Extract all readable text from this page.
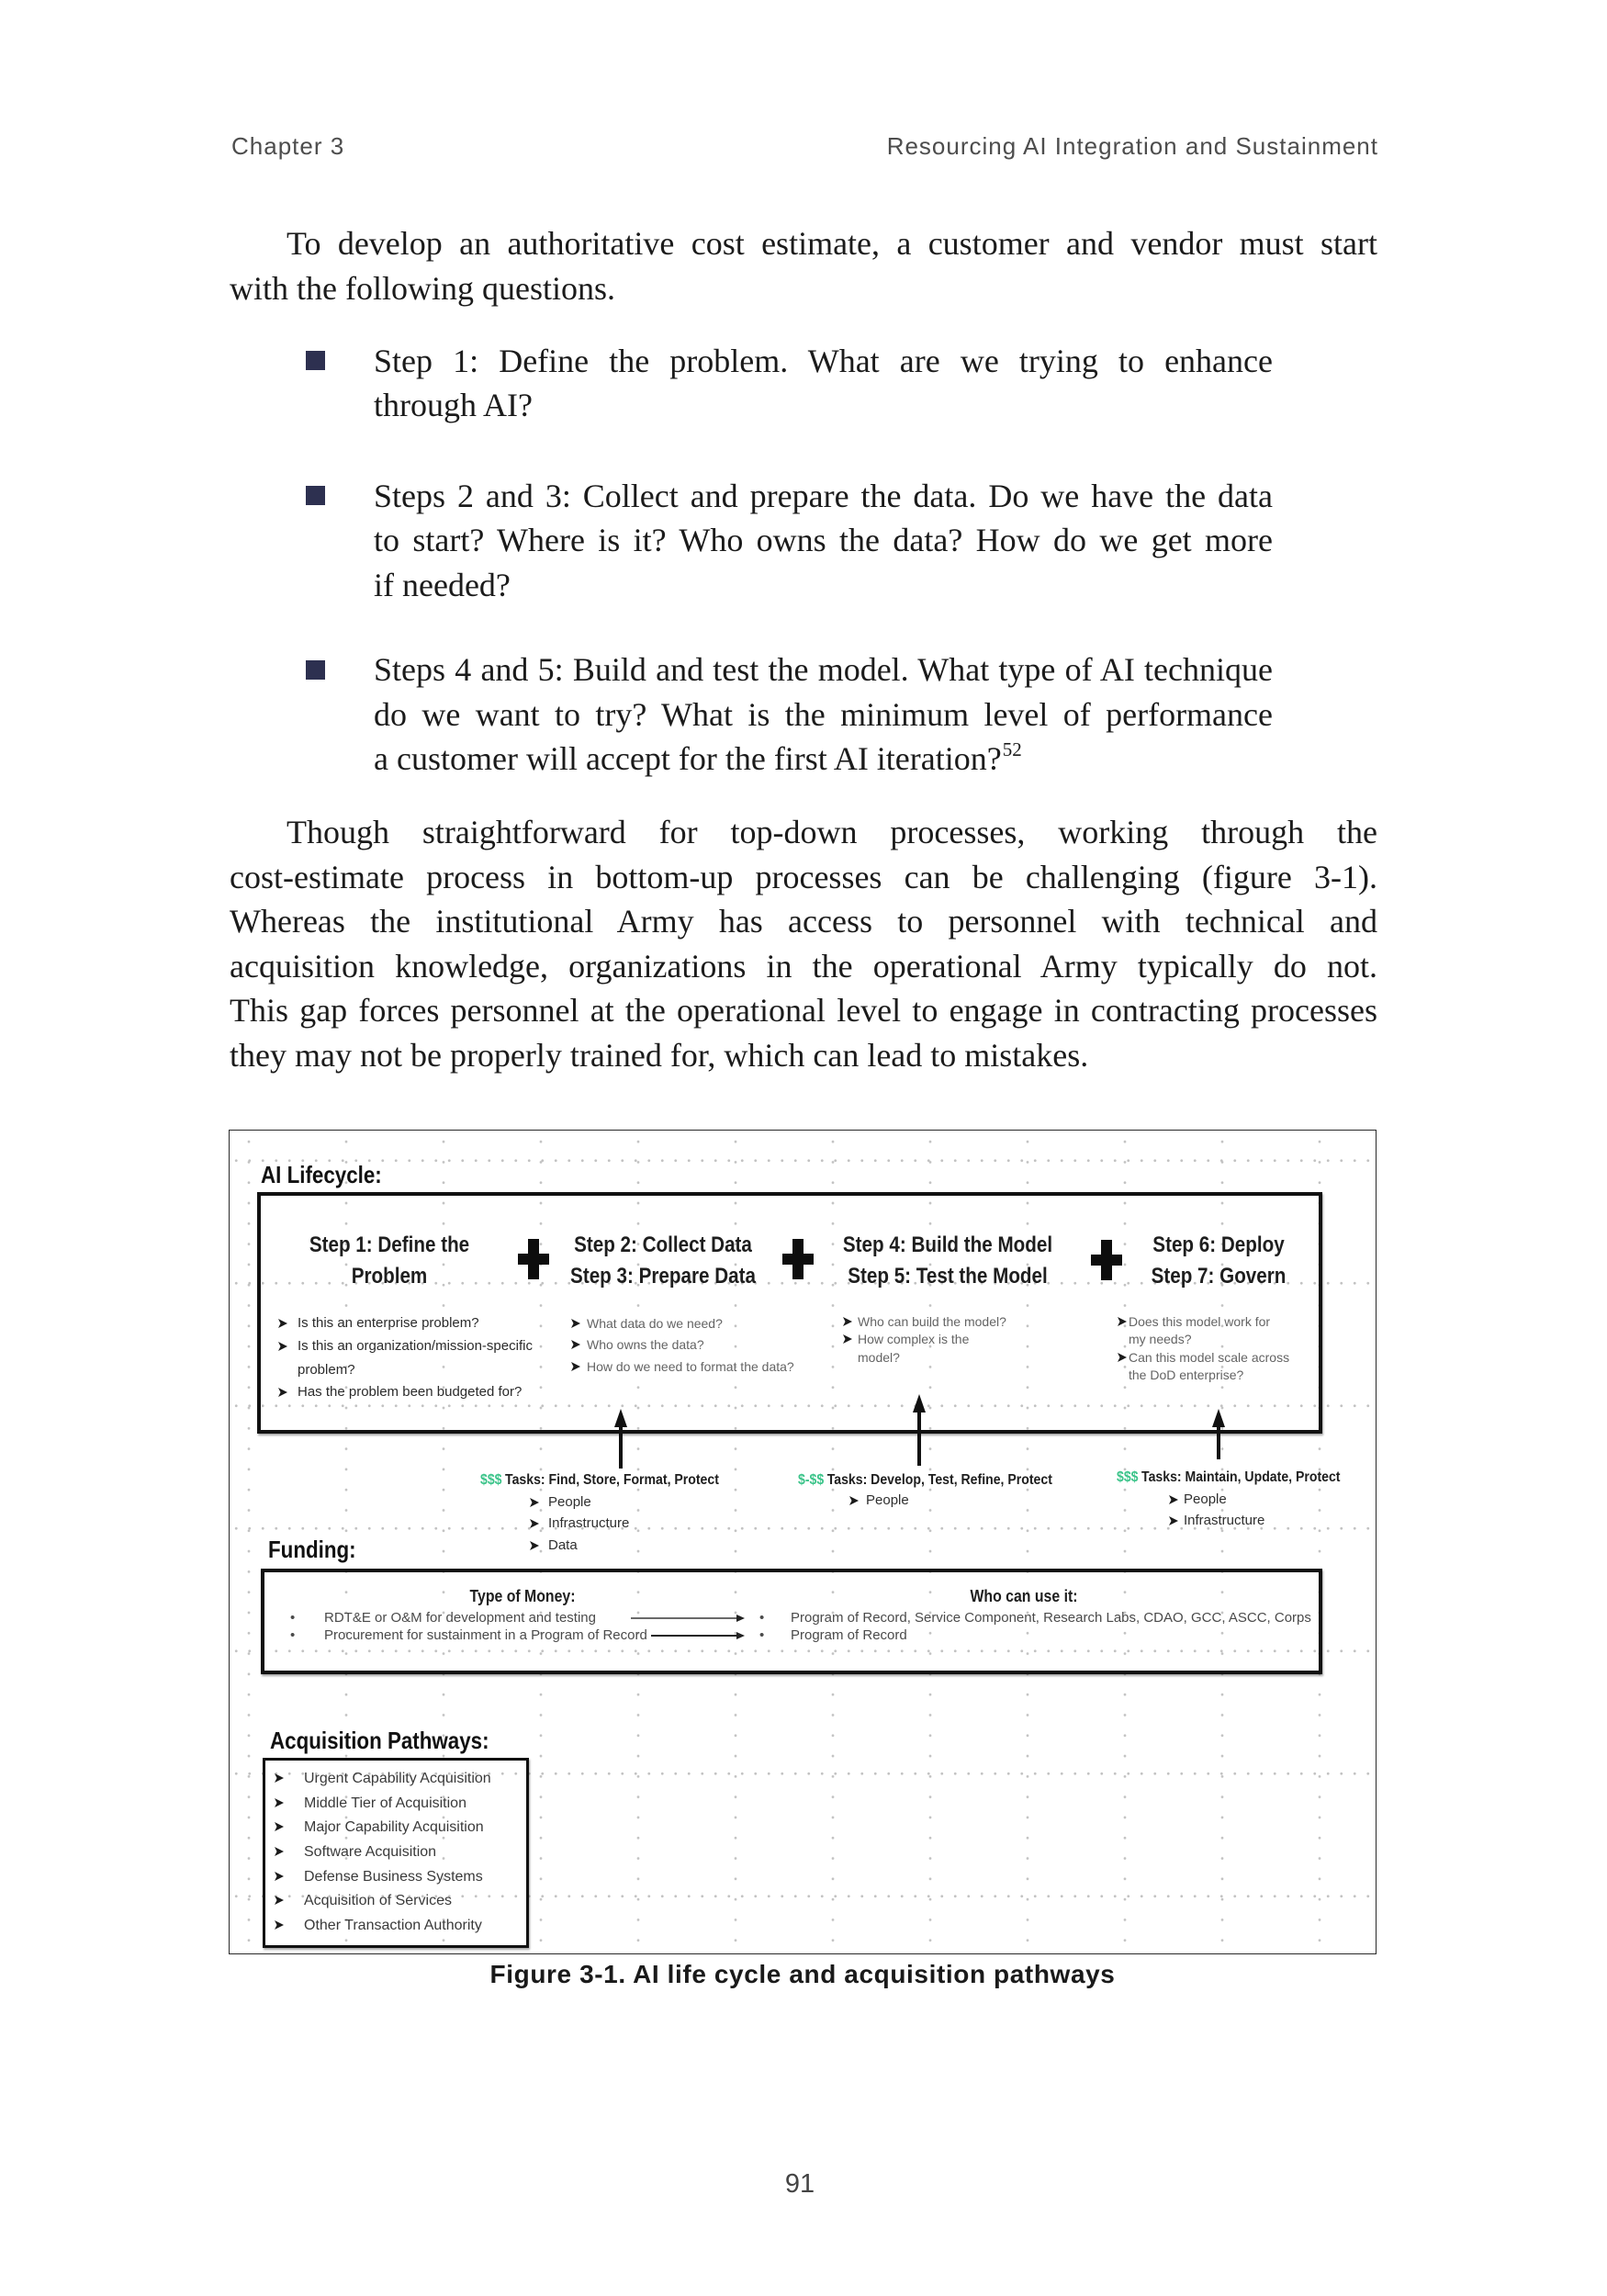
Chapter 3	Resourcing AI Integration and Sustainment
To develop an authoritative cost estimate, a customer and vendor must start
with the following questions.
Step 1: Define the problem. What are we trying to enhance
through AI?
Steps 2 and 3: Collect and prepare the data. Do we have the data
to start? Where is it? Who owns the data? How do we get more
if needed?
Steps 4 and 5: Build and test the model. What type of AI technique
do we want to try? What is the minimum level of performance
a customer will accept for the first AI iteration?$^{52}$
Though straightforward for top-down processes, working through the
cost-estimate process in bottom-up processes can be challenging (figure 3-1).
Whereas the institutional Army has access to personnel with technical and
acquisition knowledge, organizations in the operational Army typically do not.
This gap forces personnel at the operational level to engage in contracting processes
they may not be properly trained for, which can lead to mistakes.
AI Lifecycle:
Step 1: Define the
Problem
Step 2: Collect Data
Step 3: Prepare Data
Step 4: Build the Model
Step 5: Test the Model
Step 6: Deploy
Step 7: Govern
Is this an enterprise problem?
Is this an organization/mission-specific
problem?
Has the problem been budgeted for?
What data do we need?
Who owns the data?
How do we need to format the data?
Who can build the model?
How complex is the
model?
Does this model work for
my needs?
Can this model scale across
the DoD enterprise?
$$$ Tasks: Find, Store, Format, Protect
People
Infrastructure
Data
$-$$ Tasks: Develop, Test, Refine, Protect
People
$$$ Tasks: Maintain, Update, Protect
People
Infrastructure
Funding:
Type of Money:	Who can use it:
• RDT&E or O&M for development and testing	• Program of Record, Service Component, Research Labs, CDAO, GCC, ASCC, Corps
• Procurement for sustainment in a Program of Record	• Program of Record
Acquisition Pathways:
Urgent Capability Acquisition
Middle Tier of Acquisition
Major Capability Acquisition
Software Acquisition
Defense Business Systems
Acquisition of Services
Other Transaction Authority
Figure 3-1. AI life cycle and acquisition pathways
91
